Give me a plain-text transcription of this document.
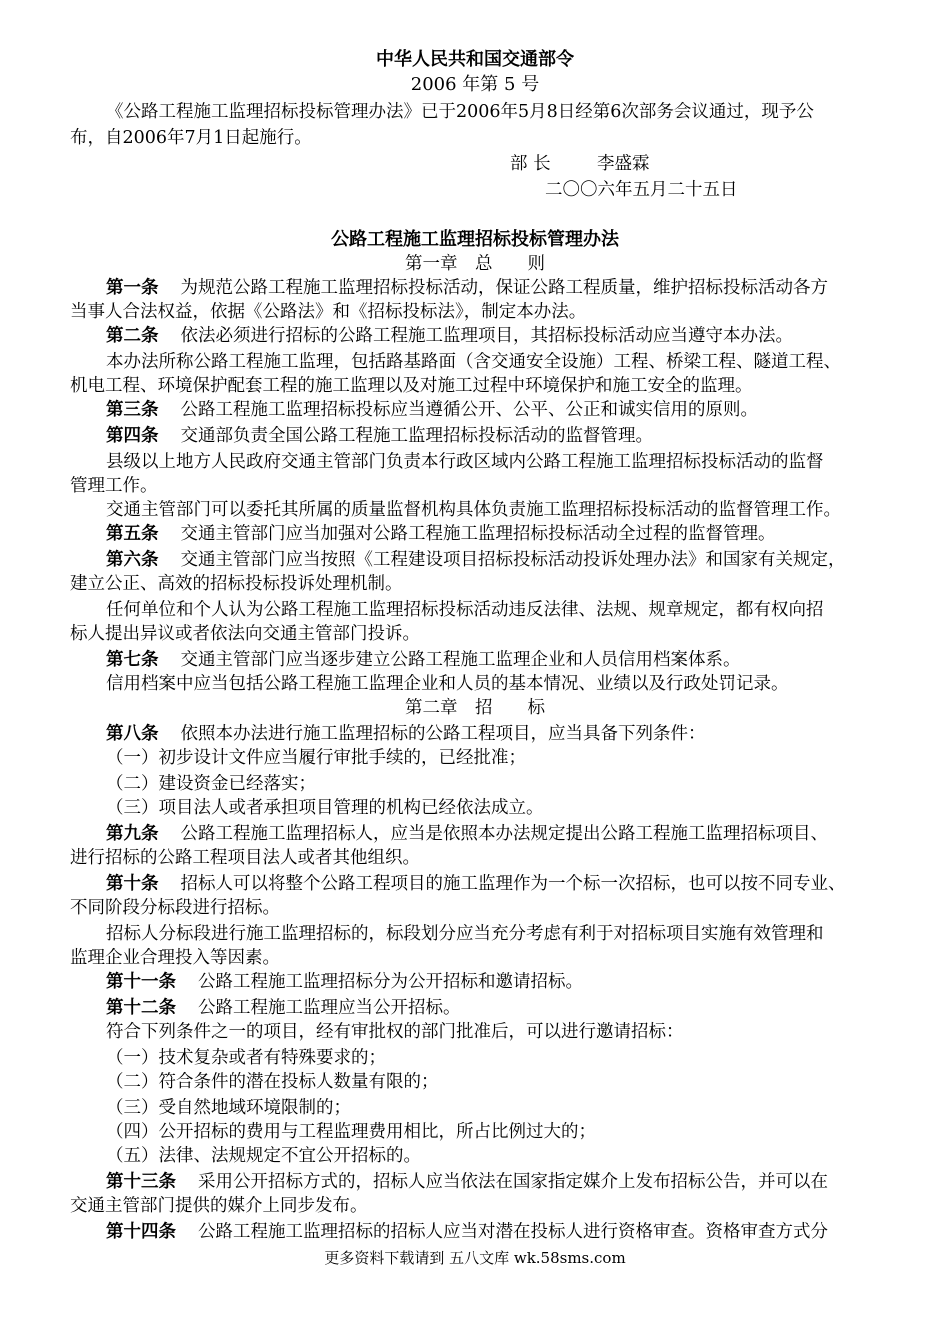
中华人民共和国交通部令
2006 年第 5 号
《公路工程施工监理招标投标管理办法》已于2006年5月8日经第6次部务会议通过，现予公
布，自2006年7月1日起施行。
部 长	李盛霖
二〇〇六年五月二十五日
公路工程施工监理招标投标管理办法
第一章　总　　则
第一条 为规范公路工程施工监理招标投标活动，保证公路工程质量，维护招标投标活动各方
当事人合法权益，依据《公路法》和《招标投标法》，制定本办法。
第二条 依法必须进行招标的公路工程施工监理项目，其招标投标活动应当遵守本办法。
本办法所称公路工程施工监理，包括路基路面（含交通安全设施）工程、桥梁工程、隧道工程、
机电工程、环境保护配套工程的施工监理以及对施工过程中环境保护和施工安全的监理。
第三条 公路工程施工监理招标投标应当遵循公开、公平、公正和诚实信用的原则。
第四条 交通部负责全国公路工程施工监理招标投标活动的监督管理。
县级以上地方人民政府交通主管部门负责本行政区域内公路工程施工监理招标投标活动的监督
管理工作。
交通主管部门可以委托其所属的质量监督机构具体负责施工监理招标投标活动的监督管理工作。
第五条 交通主管部门应当加强对公路工程施工监理招标投标活动全过程的监督管理。
第六条 交通主管部门应当按照《工程建设项目招标投标活动投诉处理办法》和国家有关规定，
建立公正、高效的招标投标投诉处理机制。
任何单位和个人认为公路工程施工监理招标投标活动违反法律、法规、规章规定，都有权向招
标人提出异议或者依法向交通主管部门投诉。
第七条 交通主管部门应当逐步建立公路工程施工监理企业和人员信用档案体系。
信用档案中应当包括公路工程施工监理企业和人员的基本情况、业绩以及行政处罚记录。
第二章　招　　标
第八条 依照本办法进行施工监理招标的公路工程项目，应当具备下列条件：
（一）初步设计文件应当履行审批手续的，已经批准；
（二）建设资金已经落实；
（三）项目法人或者承担项目管理的机构已经依法成立。
第九条 公路工程施工监理招标人，应当是依照本办法规定提出公路工程施工监理招标项目、
进行招标的公路工程项目法人或者其他组织。
第十条 招标人可以将整个公路工程项目的施工监理作为一个标一次招标，也可以按不同专业、
不同阶段分标段进行招标。
招标人分标段进行施工监理招标的，标段划分应当充分考虑有利于对招标项目实施有效管理和
监理企业合理投入等因素。
第十一条 公路工程施工监理招标分为公开招标和邀请招标。
第十二条 公路工程施工监理应当公开招标。
符合下列条件之一的项目，经有审批权的部门批准后，可以进行邀请招标：
（一）技术复杂或者有特殊要求的；
（二）符合条件的潜在投标人数量有限的；
（三）受自然地域环境限制的；
（四）公开招标的费用与工程监理费用相比，所占比例过大的；
（五）法律、法规规定不宜公开招标的。
第十三条 采用公开招标方式的，招标人应当依法在国家指定媒介上发布招标公告，并可以在
交通主管部门提供的媒介上同步发布。
第十四条 公路工程施工监理招标的招标人应当对潜在投标人进行资格审查。资格审查方式分
更多资料下载请到 五八文库 wk.58sms.com
